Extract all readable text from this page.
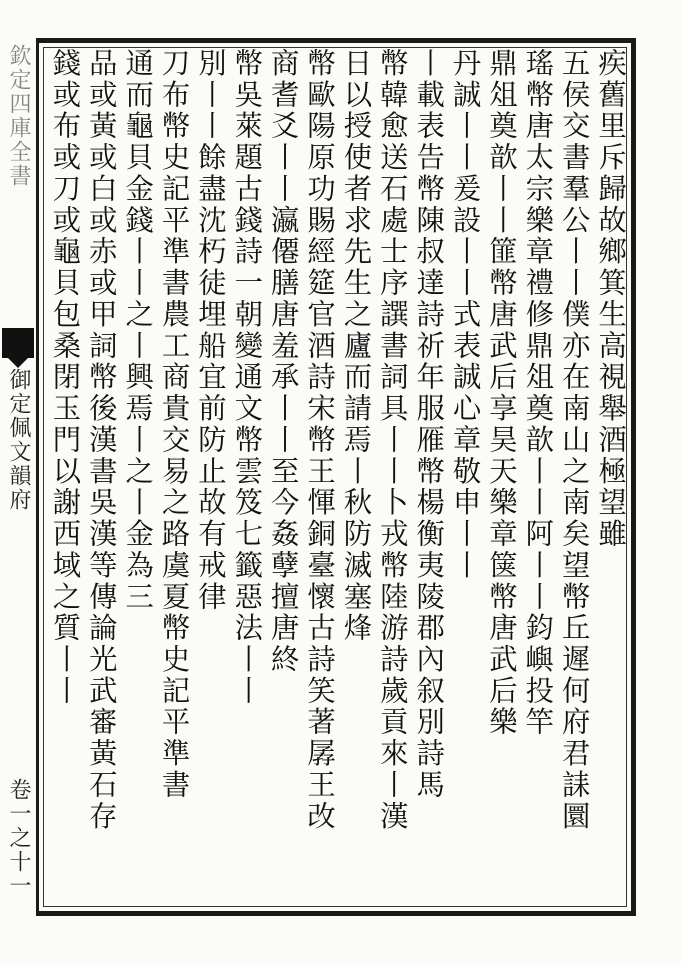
欽定四庫全書
御定佩文韻府
卷一之十一
疾舊里斥歸故鄉箕生高視舉酒極望雖
五侯交書羣公丨丨僕亦在南山之南矣望幣丘遲何府君誄圜
瑤幣唐太宗樂章禮修鼎俎奠歆丨丨阿丨丨鈞嶼投竿
鼎俎奠歆丨丨篚幣唐武后享昊天樂章箧幣唐武后樂
丹誠丨丨爰設丨丨式表誠心章敬申丨丨
丨載表告幣陳叔達詩祈年服雁幣楊衡夷陵郡內叙別詩馬
幣韓愈送石處士序譔書詞具丨丨卜戎幣陸游詩歲貢來丨漢
日以授使者求先生之廬而請焉丨秋防滅塞烽
幣歐陽原功賜經筵官酒詩宋幣王惲銅臺懷古詩笑著孱王改
商耆爻丨丨瀛僊膳唐羞承丨丨至今姦孽擅唐終
幣吳萊題古錢詩一朝變通文幣雲笈七籤惡法丨丨
別丨丨餘盡沈朽徒埋船宜前防止故有戒律
刀布幣史記平準書農工商貴交易之路虞夏幣史記平準書
通而龜貝金錢丨丨之丨興焉丨之丨金為三
品或黃或白或赤或甲詞幣後漢書吳漢等傳論光武審黃石存
錢或布或刀或龜貝包桑閉玉門以謝西域之質丨丨
